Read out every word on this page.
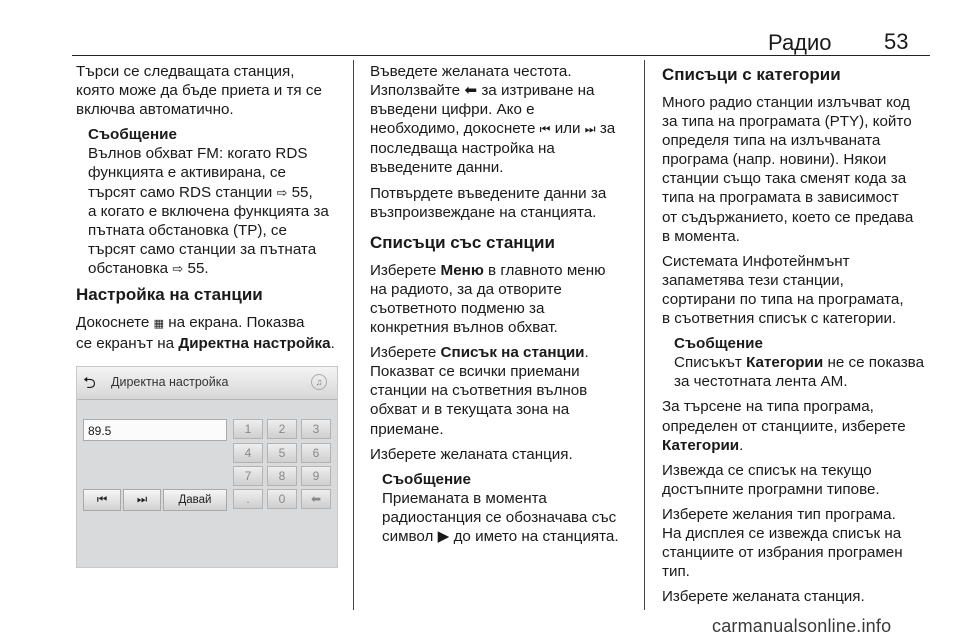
Радио 53

Търси се следващата станция,
която може да бъде приета и тя се
включва автоматично.

Съобщение
Вълнов обхват FM: когато RDS
функцията е активирана, се
търсят само RDS станции ⇨ 55,
а когато е включена функцията за
пътната обстановка (TP), се
търсят само станции за пътната
обстановка ⇨ 55.
Настройка на станции

Докоснете ▦ на екрана. Показва
се екранът на Директна настройка.

⮌ Директна настройка	♫
89.5	1	2	3
4	5	6
7	8	9
.	0	⬅
⏮	⏭	Давай

Въведете желаната честота.
Използвайте ⬅ за изтриване на
въведени цифри. Ако е
необходимо, докоснете ⏮ или ⏭ за
последваща настройка на
въведените данни.

Потвърдете въведените данни за
възпроизвеждане на станцията.

Списъци със станции

Изберете Меню в главното меню
на радиото, за да отворите
съответното подменю за
конкретния вълнов обхват.

Изберете Списък на станции.
Показват се всички приемани
станции на съответния вълнов
обхват и в текущата зона на
приемане.

Изберете желаната станция.

Съобщение
Приеманата в момента
радиостанция се обозначава със
символ ▶ до името на станцията.
Списъци с категории

Много радио станции излъчват код
за типа на програмата (PTY), който
определя типа на излъчваната
програма (напр. новини). Някои
станции също така сменят кода за
типа на програмата в зависимост
от съдържанието, което се предава
в момента.

Системата Инфотейнмънт
запаметява тези станции,
сортирани по типа на програмата,
в съответния списък с категории.

Съобщение
Списъкът Категории не се показва
за честотната лента AM.

За търсене на типа програма,
определен от станциите, изберете
Категории.

Извежда се списък на текущо
достъпните програмни типове.

Изберете желания тип програма.
На дисплея се извежда списък на
станциите от избрания програмен
тип.

Изберете желаната станция.

carmanualsonline.info
